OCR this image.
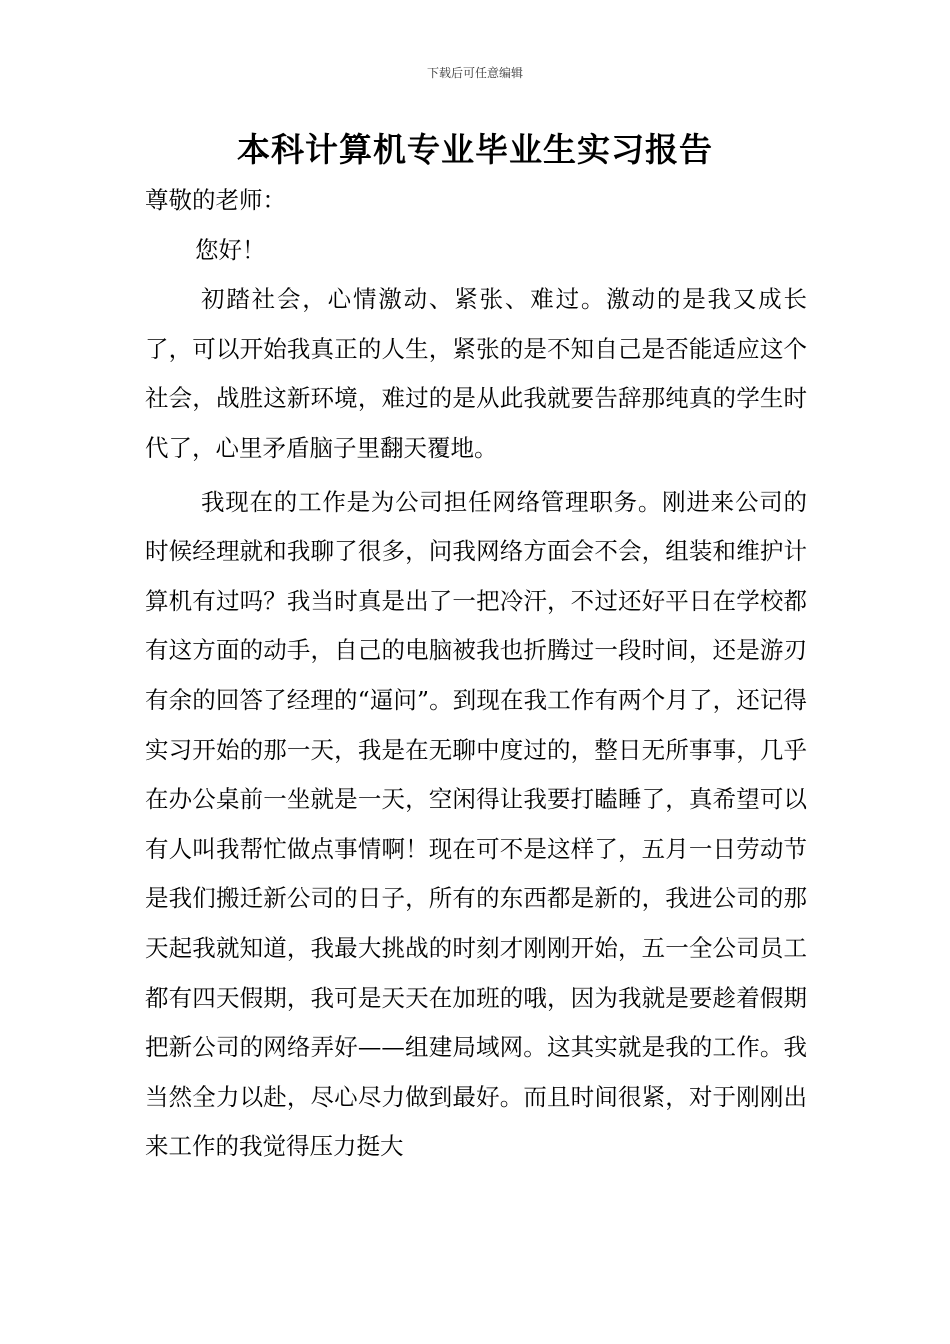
下载后可任意编辑
本科计算机专业毕业生实习报告

尊敬的老师：

您好！

初踏社会，心情激动、紧张、难过。激动的是我又成长了，可以开始我真正的人生，紧张的是不知自己是否能适应这个社会，战胜这新环境，难过的是从此我就要告辞那纯真的学生时代了，心里矛盾脑子里翻天覆地。

我现在的工作是为公司担任网络管理职务。刚进来公司的时候经理就和我聊了很多，问我网络方面会不会，组装和维护计算机有过吗？我当时真是出了一把冷汗，不过还好平日在学校都有这方面的动手，自己的电脑被我也折腾过一段时间，还是游刃有余的回答了经理的“逼问”。到现在我工作有两个月了，还记得实习开始的那一天，我是在无聊中度过的，整日无所事事，几乎在办公桌前一坐就是一天，空闲得让我要打瞌睡了，真希望可以有人叫我帮忙做点事情啊！现在可不是这样了，五月一日劳动节是我们搬迁新公司的日子，所有的东西都是新的，我进公司的那天起我就知道，我最大挑战的时刻才刚刚开始，五一全公司员工都有四天假期，我可是天天在加班的哦，因为我就是要趁着假期把新公司的网络弄好——组建局域网。这其实就是我的工作。我当然全力以赴，尽心尽力做到最好。而且时间很紧，对于刚刚出来工作的我觉得压力挺大
